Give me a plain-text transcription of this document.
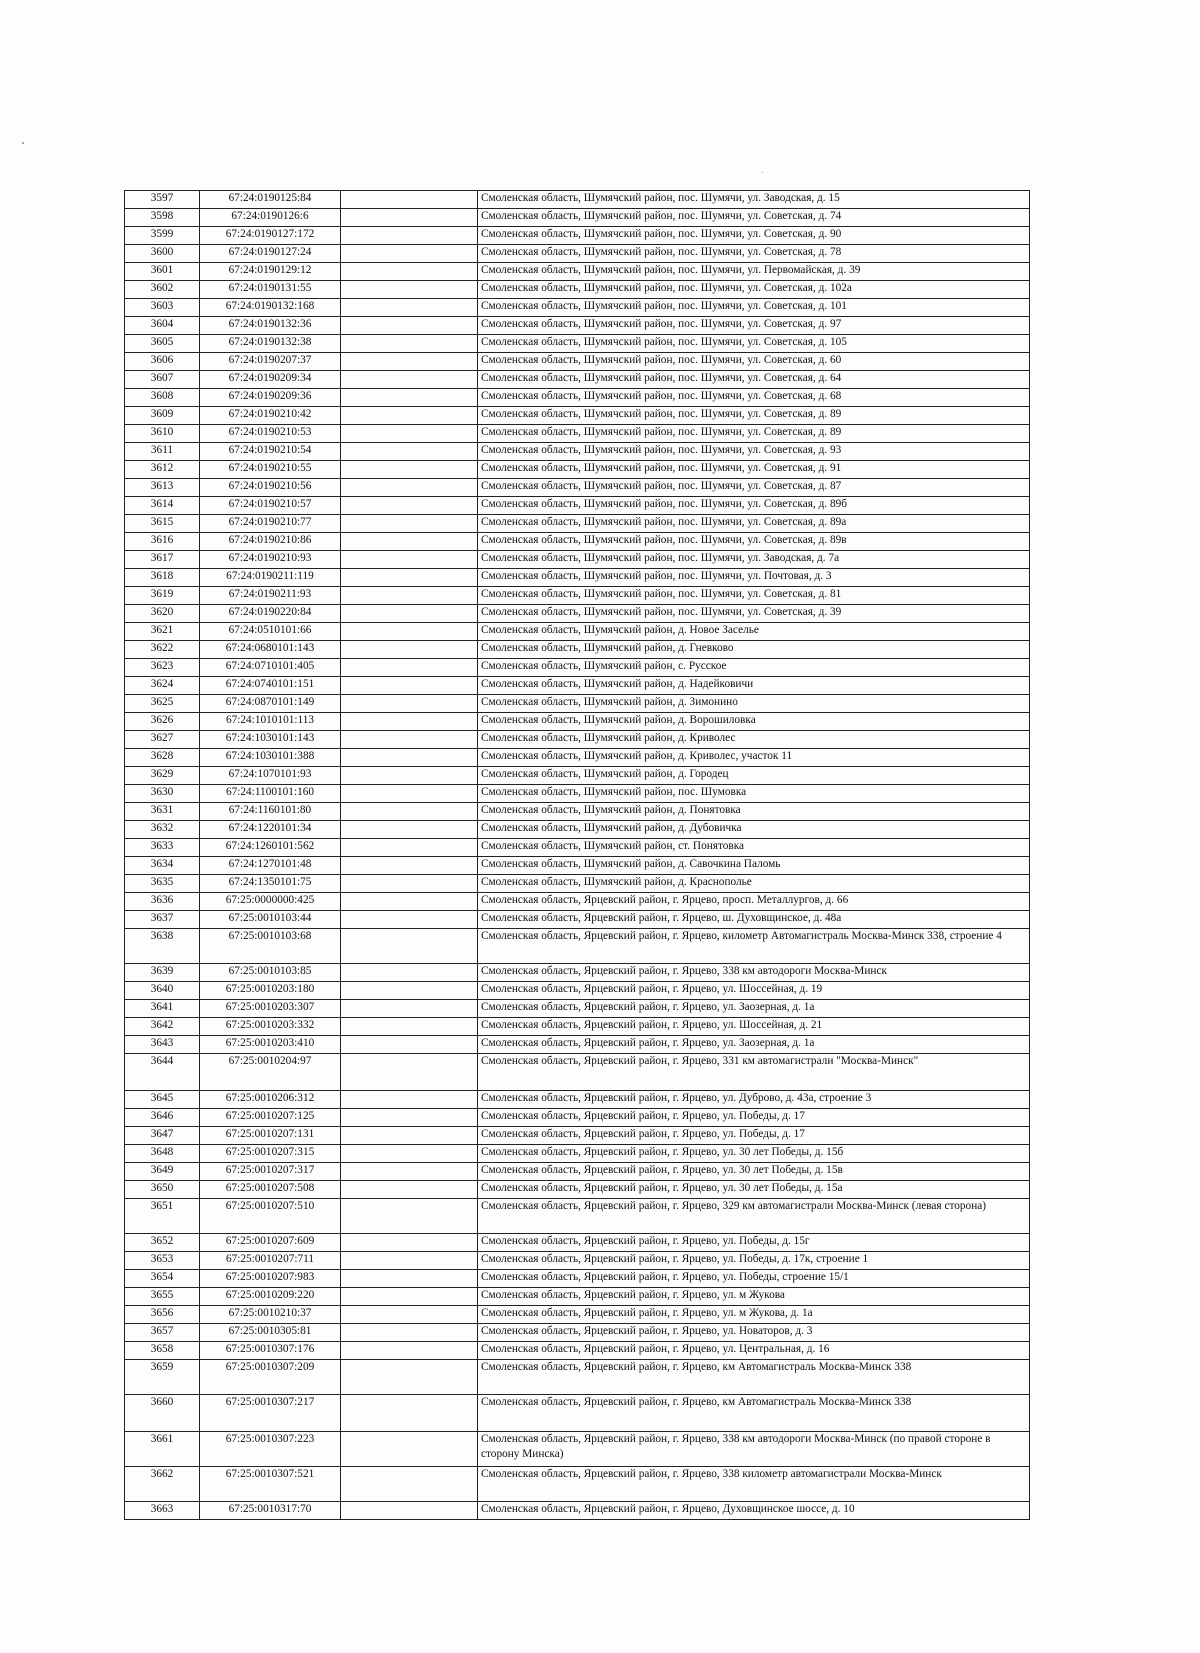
3597	67:24:0190125:84		Смоленская область, Шумячский район, пос. Шумячи, ул. Заводская, д. 15
3598	67:24:0190126:6		Смоленская область, Шумячский район, пос. Шумячи, ул. Советская, д. 74
3599	67:24:0190127:172		Смоленская область, Шумячский район, пос. Шумячи, ул. Советская, д. 90
3600	67:24:0190127:24		Смоленская область, Шумячский район, пос. Шумячи, ул. Советская, д. 78
3601	67:24:0190129:12		Смоленская область, Шумячский район, пос. Шумячи, ул. Первомайская, д. 39
3602	67:24:0190131:55		Смоленская область, Шумячский район, пос. Шумячи, ул. Советская, д. 102а
3603	67:24:0190132:168		Смоленская область, Шумячский район, пос. Шумячи, ул. Советская, д. 101
3604	67:24:0190132:36		Смоленская область, Шумячский район, пос. Шумячи, ул. Советская, д. 97
3605	67:24:0190132:38		Смоленская область, Шумячский район, пос. Шумячи, ул. Советская, д. 105
3606	67:24:0190207:37		Смоленская область, Шумячский район, пос. Шумячи, ул. Советская, д. 60
3607	67:24:0190209:34		Смоленская область, Шумячский район, пос. Шумячи, ул. Советская, д. 64
3608	67:24:0190209:36		Смоленская область, Шумячский район, пос. Шумячи, ул. Советская, д. 68
3609	67:24:0190210:42		Смоленская область, Шумячский район, пос. Шумячи, ул. Советская, д. 89
3610	67:24:0190210:53		Смоленская область, Шумячский район, пос. Шумячи, ул. Советская, д. 89
3611	67:24:0190210:54		Смоленская область, Шумячский район, пос. Шумячи, ул. Советская, д. 93
3612	67:24:0190210:55		Смоленская область, Шумячский район, пос. Шумячи, ул. Советская, д. 91
3613	67:24:0190210:56		Смоленская область, Шумячский район, пос. Шумячи, ул. Советская, д. 87
3614	67:24:0190210:57		Смоленская область, Шумячский район, пос. Шумячи, ул. Советская, д. 89б
3615	67:24:0190210:77		Смоленская область, Шумячский район, пос. Шумячи, ул. Советская, д. 89а
3616	67:24:0190210:86		Смоленская область, Шумячский район, пос. Шумячи, ул. Советская, д. 89в
3617	67:24:0190210:93		Смоленская область, Шумячский район, пос. Шумячи, ул. Заводская, д. 7а
3618	67:24:0190211:119		Смоленская область, Шумячский район, пос. Шумячи, ул. Почтовая, д. 3
3619	67:24:0190211:93		Смоленская область, Шумячский район, пос. Шумячи, ул. Советская, д. 81
3620	67:24:0190220:84		Смоленская область, Шумячский район, пос. Шумячи, ул. Советская, д. 39
3621	67:24:0510101:66		Смоленская область, Шумячский район, д. Новое Заселье
3622	67:24:0680101:143		Смоленская область, Шумячский район, д. Гневково
3623	67:24:0710101:405		Смоленская область, Шумячский район, с. Русское
3624	67:24:0740101:151		Смоленская область, Шумячский район, д. Надейковичи
3625	67:24:0870101:149		Смоленская область, Шумячский район, д. Зимонино
3626	67:24:1010101:113		Смоленская область, Шумячский район, д. Ворошиловка
3627	67:24:1030101:143		Смоленская область, Шумячский район, д. Криволес
3628	67:24:1030101:388		Смоленская область, Шумячский район, д. Криволес, участок 11
3629	67:24:1070101:93		Смоленская область, Шумячский район, д. Городец
3630	67:24:1100101:160		Смоленская область, Шумячский район, пос. Шумовка
3631	67:24:1160101:80		Смоленская область, Шумячский район, д. Понятовка
3632	67:24:1220101:34		Смоленская область, Шумячский район, д. Дубовичка
3633	67:24:1260101:562		Смоленская область, Шумячский район, ст. Понятовка
3634	67:24:1270101:48		Смоленская область, Шумячский район, д. Савочкина Паломь
3635	67:24:1350101:75		Смоленская область, Шумячский район, д. Краснополье
3636	67:25:0000000:425		Смоленская область, Ярцевский район, г. Ярцево, просп. Металлургов, д. 66
3637	67:25:0010103:44		Смоленская область, Ярцевский район, г. Ярцево, ш. Духовщинское, д. 48а
3638	67:25:0010103:68		Смоленская область, Ярцевский район, г. Ярцево, километр Автомагистраль Москва-Минск 338, строение 4
3639	67:25:0010103:85		Смоленская область, Ярцевский район, г. Ярцево, 338 км автодороги Москва-Минск
3640	67:25:0010203:180		Смоленская область, Ярцевский район, г. Ярцево, ул. Шоссейная, д. 19
3641	67:25:0010203:307		Смоленская область, Ярцевский район, г. Ярцево, ул. Заозерная, д. 1а
3642	67:25:0010203:332		Смоленская область, Ярцевский район, г. Ярцево, ул. Шоссейная, д. 21
3643	67:25:0010203:410		Смоленская область, Ярцевский район, г. Ярцево, ул. Заозерная, д. 1а
3644	67:25:0010204:97		Смоленская область, Ярцевский район, г. Ярцево, 331 км автомагистрали "Москва-Минск"
3645	67:25:0010206:312		Смоленская область, Ярцевский район, г. Ярцево, ул. Дуброво, д. 43а, строение 3
3646	67:25:0010207:125		Смоленская область, Ярцевский район, г. Ярцево, ул. Победы, д. 17
3647	67:25:0010207:131		Смоленская область, Ярцевский район, г. Ярцево, ул. Победы, д. 17
3648	67:25:0010207:315		Смоленская область, Ярцевский район, г. Ярцево, ул. 30 лет Победы, д. 15б
3649	67:25:0010207:317		Смоленская область, Ярцевский район, г. Ярцево, ул. 30 лет Победы, д. 15в
3650	67:25:0010207:508		Смоленская область, Ярцевский район, г. Ярцево, ул. 30 лет Победы, д. 15а
3651	67:25:0010207:510		Смоленская область, Ярцевский район, г. Ярцево, 329 км автомагистрали Москва-Минск (левая сторона)
3652	67:25:0010207:609		Смоленская область, Ярцевский район, г. Ярцево, ул. Победы, д. 15г
3653	67:25:0010207:711		Смоленская область, Ярцевский район, г. Ярцево, ул. Победы, д. 17к, строение 1
3654	67:25:0010207:983		Смоленская область, Ярцевский район, г. Ярцево, ул. Победы, строение 15/1
3655	67:25:0010209:220		Смоленская область, Ярцевский район, г. Ярцево, ул. м Жукова
3656	67:25:0010210:37		Смоленская область, Ярцевский район, г. Ярцево, ул. м Жукова, д. 1а
3657	67:25:0010305:81		Смоленская область, Ярцевский район, г. Ярцево, ул. Новаторов, д. 3
3658	67:25:0010307:176		Смоленская область, Ярцевский район, г. Ярцево, ул. Центральная, д. 16
3659	67:25:0010307:209		Смоленская область, Ярцевский район, г. Ярцево, км Автомагистраль Москва-Минск 338
3660	67:25:0010307:217		Смоленская область, Ярцевский район, г. Ярцево, км Автомагистраль Москва-Минск 338
3661	67:25:0010307:223		Смоленская область, Ярцевский район, г. Ярцево, 338 км автодороги Москва-Минск (по правой стороне в сторону Минска)
3662	67:25:0010307:521		Смоленская область, Ярцевский район, г. Ярцево, 338 километр автомагистрали Москва-Минск
3663	67:25:0010317:70		Смоленская область, Ярцевский район, г. Ярцево, Духовщинское шоссе, д. 10
